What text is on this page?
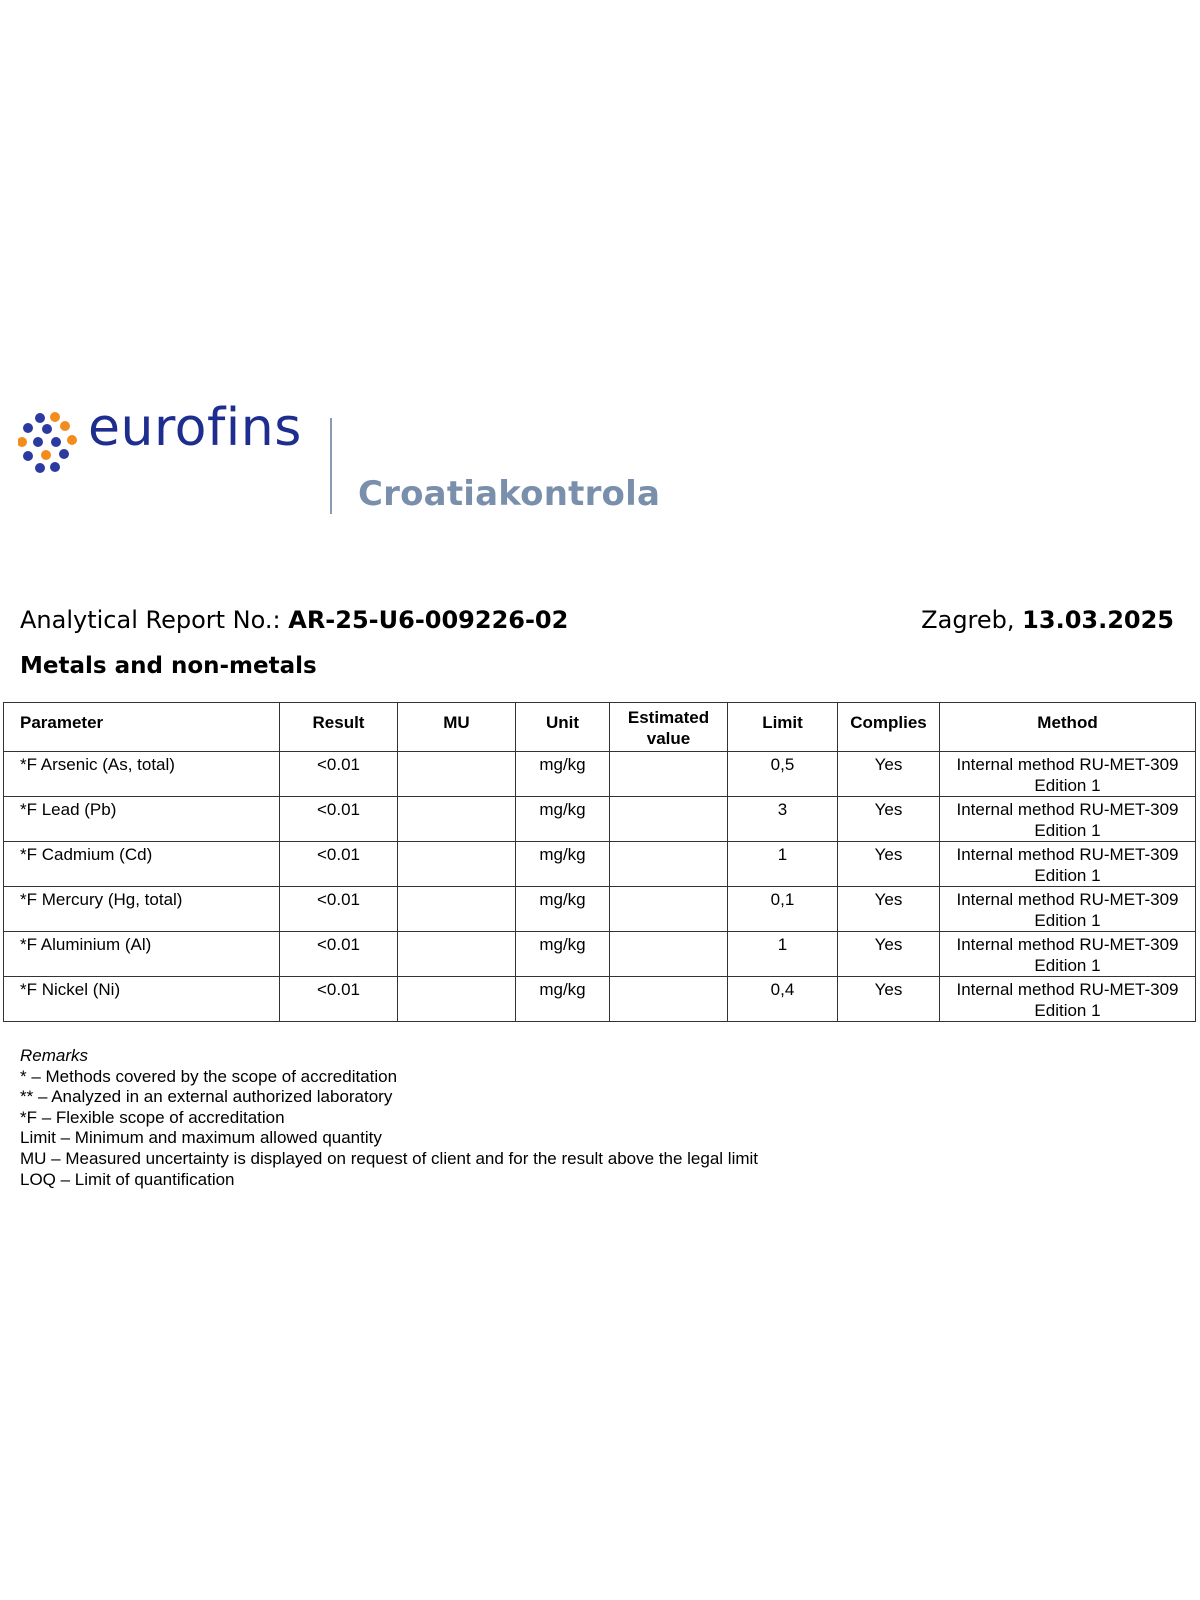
eurofins
Croatiakontrola
Analytical Report No.: AR-25-U6-009226-02	Zagreb, 13.03.2025
Metals and non-metals
Parameter	Result	MU	Unit	Estimated value	Limit	Complies	Method
*F Arsenic (As, total)	<0.01		mg/kg		0,5	Yes	Internal method RU-MET-309
Edition 1

*F Lead (Pb)	<0.01		mg/kg		3	Yes	Internal method RU-MET-309
Edition 1

*F Cadmium (Cd)	<0.01		mg/kg		1	Yes	Internal method RU-MET-309
Edition 1

*F Mercury (Hg, total)	<0.01		mg/kg		0,1	Yes	Internal method RU-MET-309
Edition 1

*F Aluminium (Al)	<0.01		mg/kg		1	Yes	Internal method RU-MET-309
Edition 1

*F Nickel (Ni)	<0.01		mg/kg		0,4	Yes	Internal method RU-MET-309
Edition 1
Remarks
* – Methods covered by the scope of accreditation
** – Analyzed in an external authorized laboratory
*F – Flexible scope of accreditation
Limit – Minimum and maximum allowed quantity
MU – Measured uncertainty is displayed on request of client and for the result above the legal limit
LOQ – Limit of quantification
